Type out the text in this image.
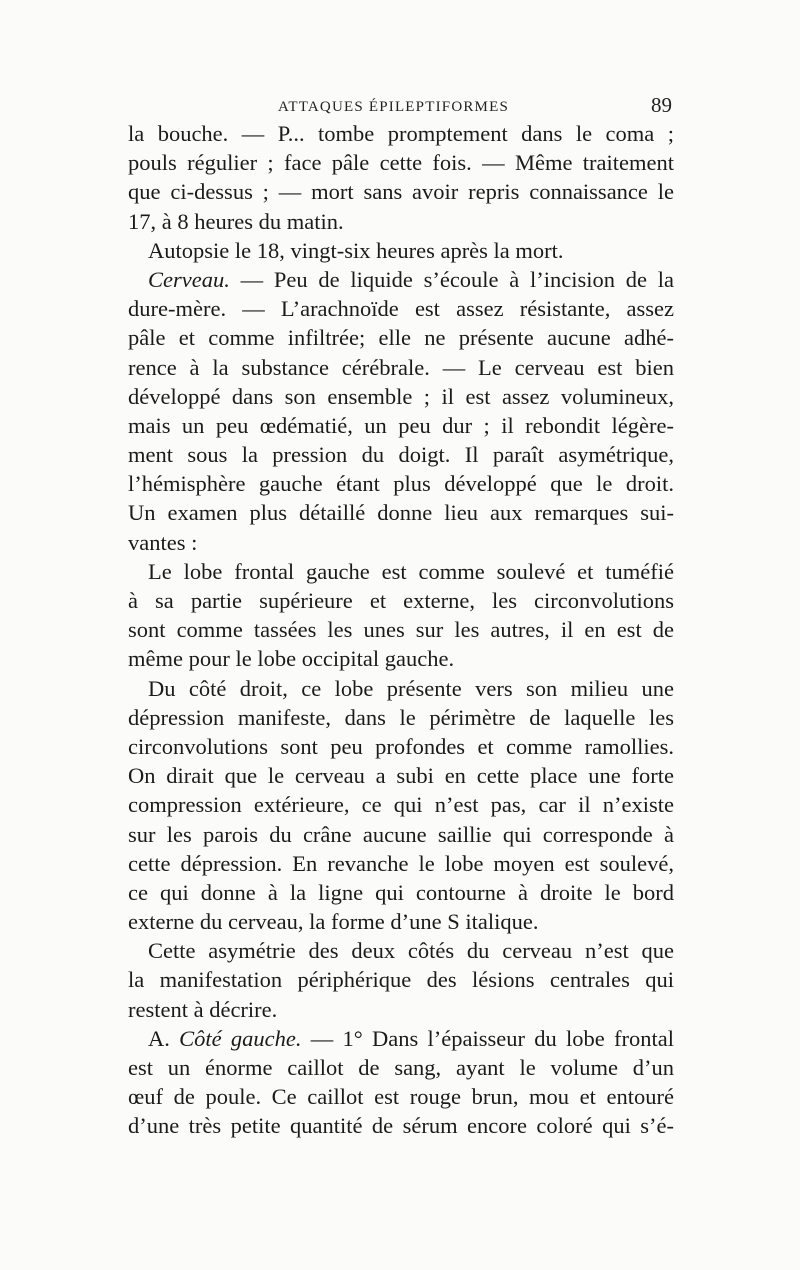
ATTAQUES ÉPILEPTIFORMES	89
la bouche. — P... tombe promptement dans le coma ;
pouls régulier ; face pâle cette fois. — Même traitement
que ci-dessus ; — mort sans avoir repris connaissance le
17, à 8 heures du matin.
Autopsie le 18, vingt-six heures après la mort.
Cerveau. — Peu de liquide s’écoule à l’incision de la
dure-mère. — L’arachnoïde est assez résistante, assez
pâle et comme infiltrée; elle ne présente aucune adhé-
rence à la substance cérébrale. — Le cerveau est bien
développé dans son ensemble ; il est assez volumineux,
mais un peu œdématié, un peu dur ; il rebondit légère-
ment sous la pression du doigt. Il paraît asymétrique,
l’hémisphère gauche étant plus développé que le droit.
Un examen plus détaillé donne lieu aux remarques sui-
vantes :
Le lobe frontal gauche est comme soulevé et tuméfié
à sa partie supérieure et externe, les circonvolutions
sont comme tassées les unes sur les autres, il en est de
même pour le lobe occipital gauche.
Du côté droit, ce lobe présente vers son milieu une
dépression manifeste, dans le périmètre de laquelle les
circonvolutions sont peu profondes et comme ramollies.
On dirait que le cerveau a subi en cette place une forte
compression extérieure, ce qui n’est pas, car il n’existe
sur les parois du crâne aucune saillie qui corresponde à
cette dépression. En revanche le lobe moyen est soulevé,
ce qui donne à la ligne qui contourne à droite le bord
externe du cerveau, la forme d’une S italique.
Cette asymétrie des deux côtés du cerveau n’est que
la manifestation périphérique des lésions centrales qui
restent à décrire.
A. Côté gauche. — 1° Dans l’épaisseur du lobe frontal
est un énorme caillot de sang, ayant le volume d’un
œuf de poule. Ce caillot est rouge brun, mou et entouré
d’une très petite quantité de sérum encore coloré qui s’é-
